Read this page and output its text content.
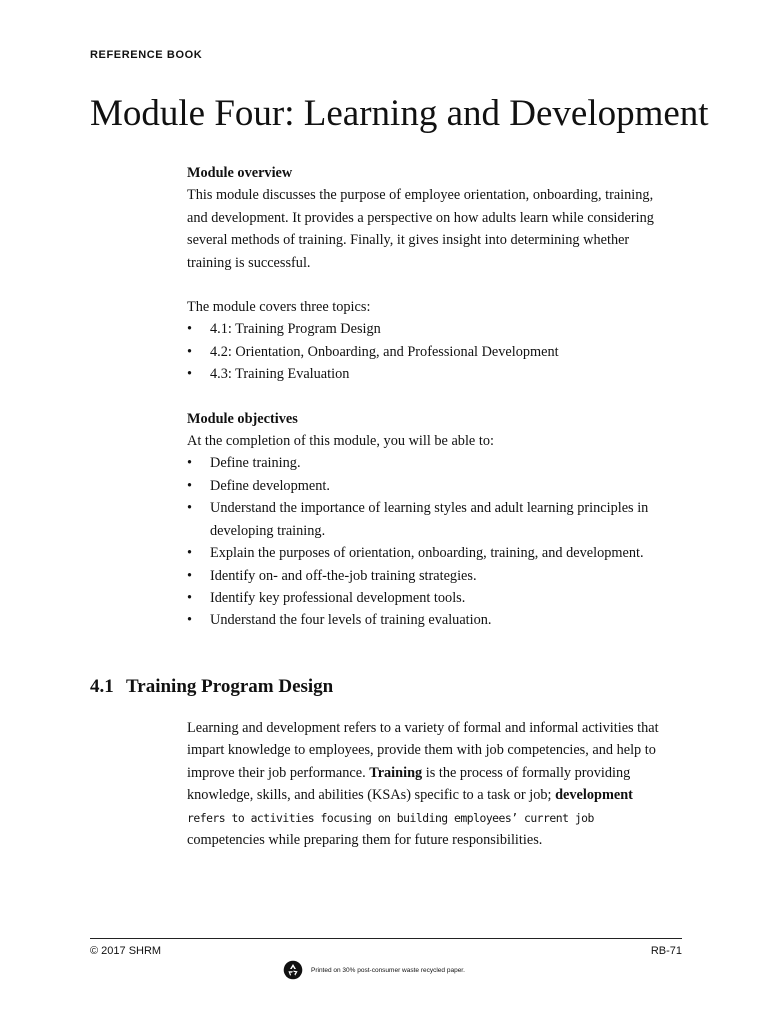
REFERENCE BOOK
Module Four: Learning and Development

Module overview

This module discusses the purpose of employee orientation, onboarding, training, and development. It provides a perspective on how adults learn while considering several methods of training. Finally, it gives insight into determining whether training is successful.

The module covers three topics:

• 4.1: Training Program Design
• 4.2: Orientation, Onboarding, and Professional Development
• 4.3: Training Evaluation

Module objectives

At the completion of this module, you will be able to:

• Define training.
• Define development.
• Understand the importance of learning styles and adult learning principles in developing training.
• Explain the purposes of orientation, onboarding, training, and development.
• Identify on- and off-the-job training strategies.
• Identify key professional development tools.
• Understand the four levels of training evaluation.
4.1 Training Program Design

Learning and development refers to a variety of formal and informal activities that impart knowledge to employees, provide them with job competencies, and help to improve their job performance. Training is the process of formally providing knowledge, skills, and abilities (KSAs) specific to a task or job; development refers to activities focusing on building employees’ current job competencies while preparing them for future responsibilities.

© 2017 SHRM	RB-71
Printed on 30% post-consumer waste recycled paper.
